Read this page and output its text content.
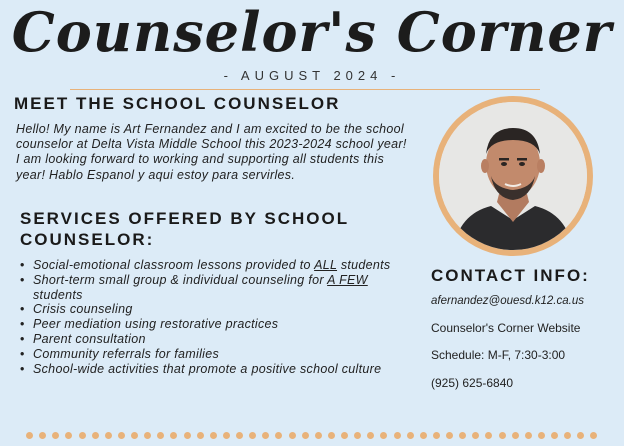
Counselor's Corner
- AUGUST 2024 -
MEET THE SCHOOL COUNSELOR

Hello! My name is Art Fernandez and I am excited to be the school counselor at Delta Vista Middle School this 2023-2024 school year! I am looking forward to working and supporting all students this year! Hablo Espanol y aqui estoy para servirles.

SERVICES OFFERED BY SCHOOL COUNSELOR:
• Social-emotional classroom lessons provided to ALL students
• Short-term small group & individual counseling for A FEW students
• Crisis counseling
• Peer mediation using restorative practices
• Parent consultation
• Community referrals for families
• School-wide activities that promote a positive school culture
CONTACT INFO:
afernandez@ouesd.k12.ca.us
Counselor's Corner Website
Schedule: M-F, 7:30-3:00
(925) 625-6840
